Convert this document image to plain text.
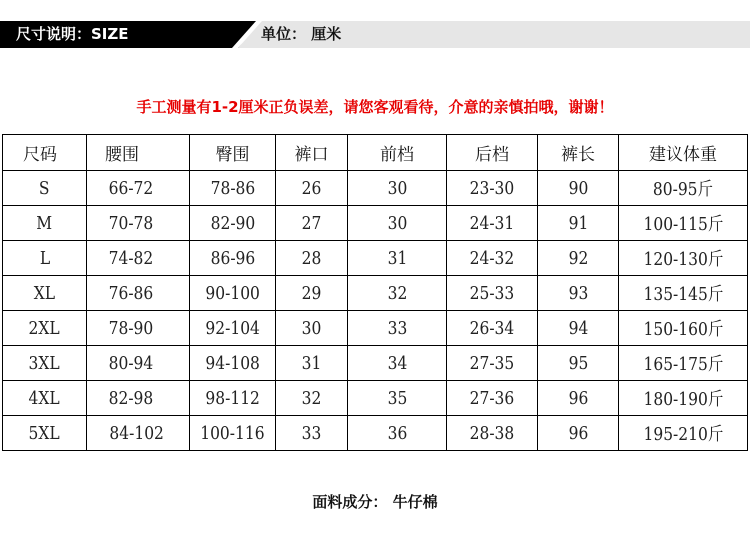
尺寸说明：SIZE	单位： 厘米
手工测量有1-2厘米正负误差，请您客观看待，介意的亲慎拍哦，谢谢！
尺码	腰围	臀围	裤口	前档	后档	裤长	建议体重
S	66-72	78-86	26	30	23-30	90	80-95斤
M	70-78	82-90	27	30	24-31	91	100-115斤
L	74-82	86-96	28	31	24-32	92	120-130斤
XL	76-86	90-100	29	32	25-33	93	135-145斤
2XL	78-90	92-104	30	33	26-34	94	150-160斤
3XL	80-94	94-108	31	34	27-35	95	165-175斤
4XL	82-98	98-112	32	35	27-36	96	180-190斤
5XL	84-102	100-116	33	36	28-38	96	195-210斤
面料成分： 牛仔棉
